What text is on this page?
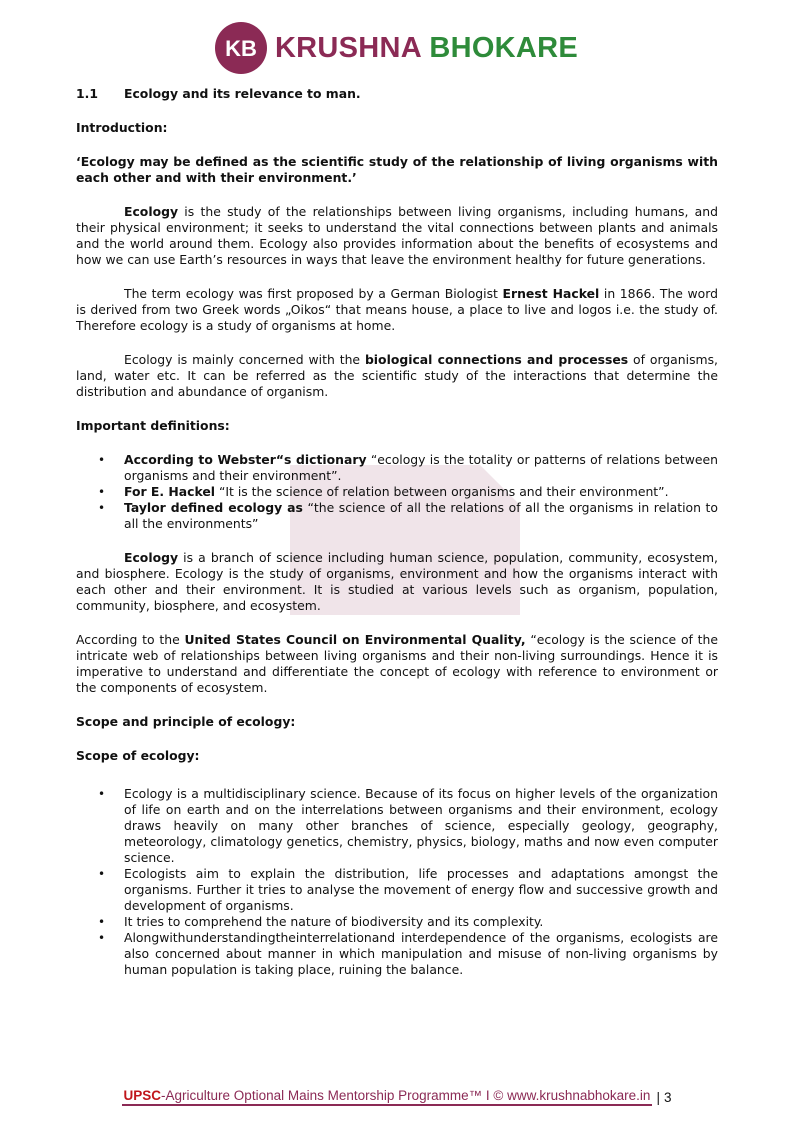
KB KRUSHNA BHOKARE

1.1 Ecology and its relevance to man.

Introduction:

‘Ecology may be defined as the scientific study of the relationship of living organisms with each other and with their environment.’

Ecology is the study of the relationships between living organisms, including humans, and their physical environment; it seeks to understand the vital connections between plants and animals and the world around them. Ecology also provides information about the benefits of ecosystems and how we can use Earth’s resources in ways that leave the environment healthy for future generations.

The term ecology was first proposed by a German Biologist Ernest Hackel in 1866. The word is derived from two Greek words „Oikos“ that means house, a place to live and logos i.e. the study of. Therefore ecology is a study of organisms at home.

Ecology is mainly concerned with the biological connections and processes of organisms, land, water etc. It can be referred as the scientific study of the interactions that determine the distribution and abundance of organism.

Important definitions:

• According to Webster“s dictionary “ecology is the totality or patterns of relations between organisms and their environment”.
• For E. Hackel “It is the science of relation between organisms and their environment”.
• Taylor defined ecology as “the science of all the relations of all the organisms in relation to all the environments”

Ecology is a branch of science including human science, population, community, ecosystem, and biosphere. Ecology is the study of organisms, environment and how the organisms interact with each other and their environment. It is studied at various levels such as organism, population, community, biosphere, and ecosystem.

According to the United States Council on Environmental Quality, “ecology is the science of the intricate web of relationships between living organisms and their non-living surroundings. Hence it is imperative to understand and differentiate the concept of ecology with reference to environment or the components of ecosystem.

Scope and principle of ecology:

Scope of ecology:

• Ecology is a multidisciplinary science. Because of its focus on higher levels of the organization of life on earth and on the interrelations between organisms and their environment, ecology draws heavily on many other branches of science, especially geology, geography, meteorology, climatology genetics, chemistry, physics, biology, maths and now even computer science.
• Ecologists aim to explain the distribution, life processes and adaptations amongst the organisms. Further it tries to analyse the movement of energy flow and successive growth and development of organisms.
• It tries to comprehend the nature of biodiversity and its complexity.
• Alongwithunderstandingtheinterrelationand interdependence of the organisms, ecologists are also concerned about manner in which manipulation and misuse of non-living organisms by human population is taking place, ruining the balance.
UPSC-Agriculture Optional Mains Mentorship Programme™ I © www.krushnabhokare.in | 3
